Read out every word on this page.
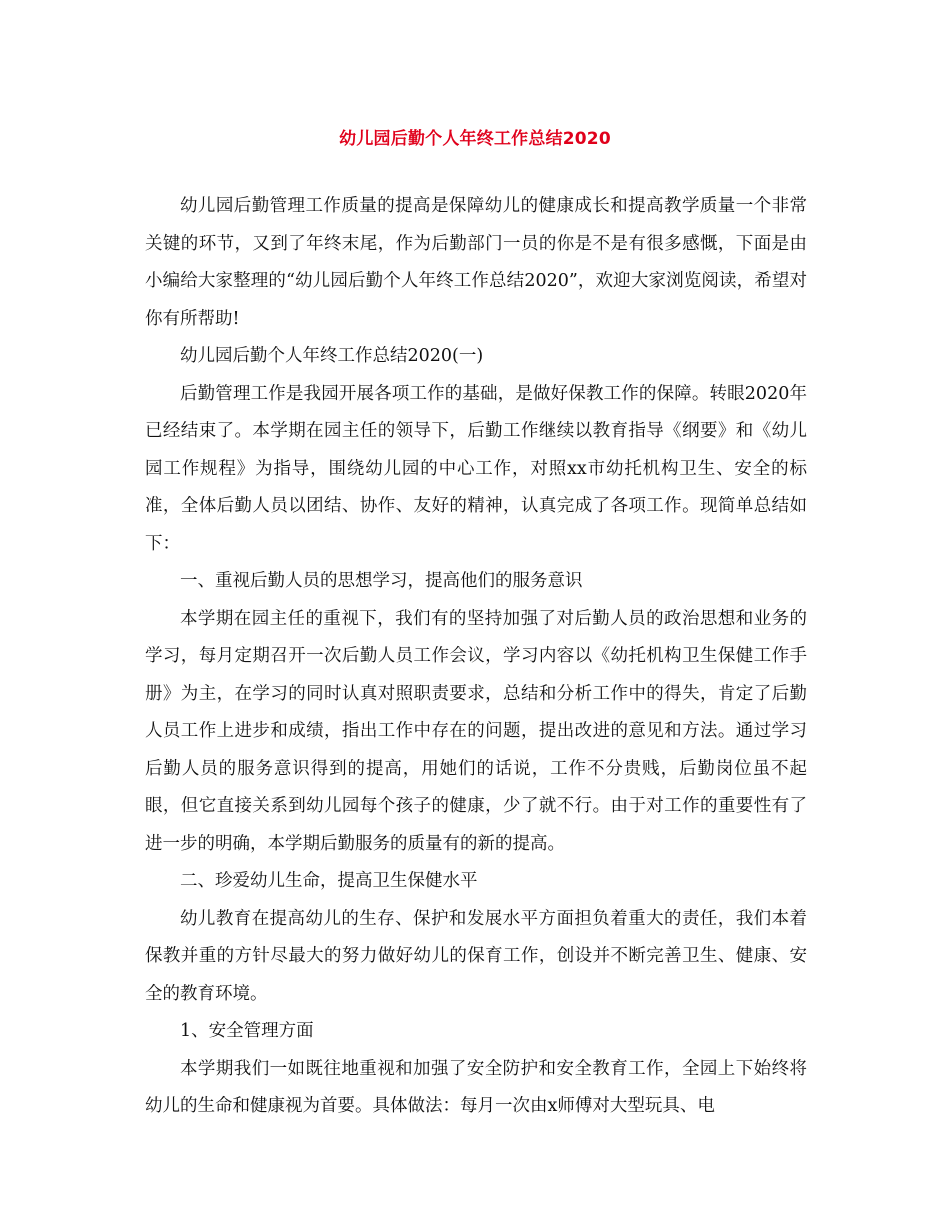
幼儿园后勤个人年终工作总结2020

幼儿园后勤管理工作质量的提高是保障幼儿的健康成长和提高教学质量一个非常关键的环节，又到了年终末尾，作为后勤部门一员的你是不是有很多感慨，下面是由小编给大家整理的“幼儿园后勤个人年终工作总结2020”，欢迎大家浏览阅读，希望对你有所帮助!

幼儿园后勤个人年终工作总结2020(一)

后勤管理工作是我园开展各项工作的基础，是做好保教工作的保障。转眼2020年已经结束了。本学期在园主任的领导下，后勤工作继续以教育指导《纲要》和《幼儿园工作规程》为指导，围绕幼儿园的中心工作，对照xx市幼托机构卫生、安全的标准，全体后勤人员以团结、协作、友好的精神，认真完成了各项工作。现简单总结如下：

一、重视后勤人员的思想学习，提高他们的服务意识

本学期在园主任的重视下，我们有的坚持加强了对后勤人员的政治思想和业务的学习，每月定期召开一次后勤人员工作会议，学习内容以《幼托机构卫生保健工作手册》为主，在学习的同时认真对照职责要求，总结和分析工作中的得失，肯定了后勤人员工作上进步和成绩，指出工作中存在的问题，提出改进的意见和方法。通过学习后勤人员的服务意识得到的提高，用她们的话说，工作不分贵贱，后勤岗位虽不起眼，但它直接关系到幼儿园每个孩子的健康，少了就不行。由于对工作的重要性有了进一步的明确，本学期后勤服务的质量有的新的提高。

二、珍爱幼儿生命，提高卫生保健水平

幼儿教育在提高幼儿的生存、保护和发展水平方面担负着重大的责任，我们本着保教并重的方针尽最大的努力做好幼儿的保育工作，创设并不断完善卫生、健康、安全的教育环境。

1、安全管理方面

本学期我们一如既往地重视和加强了安全防护和安全教育工作，全园上下始终将幼儿的生命和健康视为首要。具体做法：每月一次由x师傅对大型玩具、电
